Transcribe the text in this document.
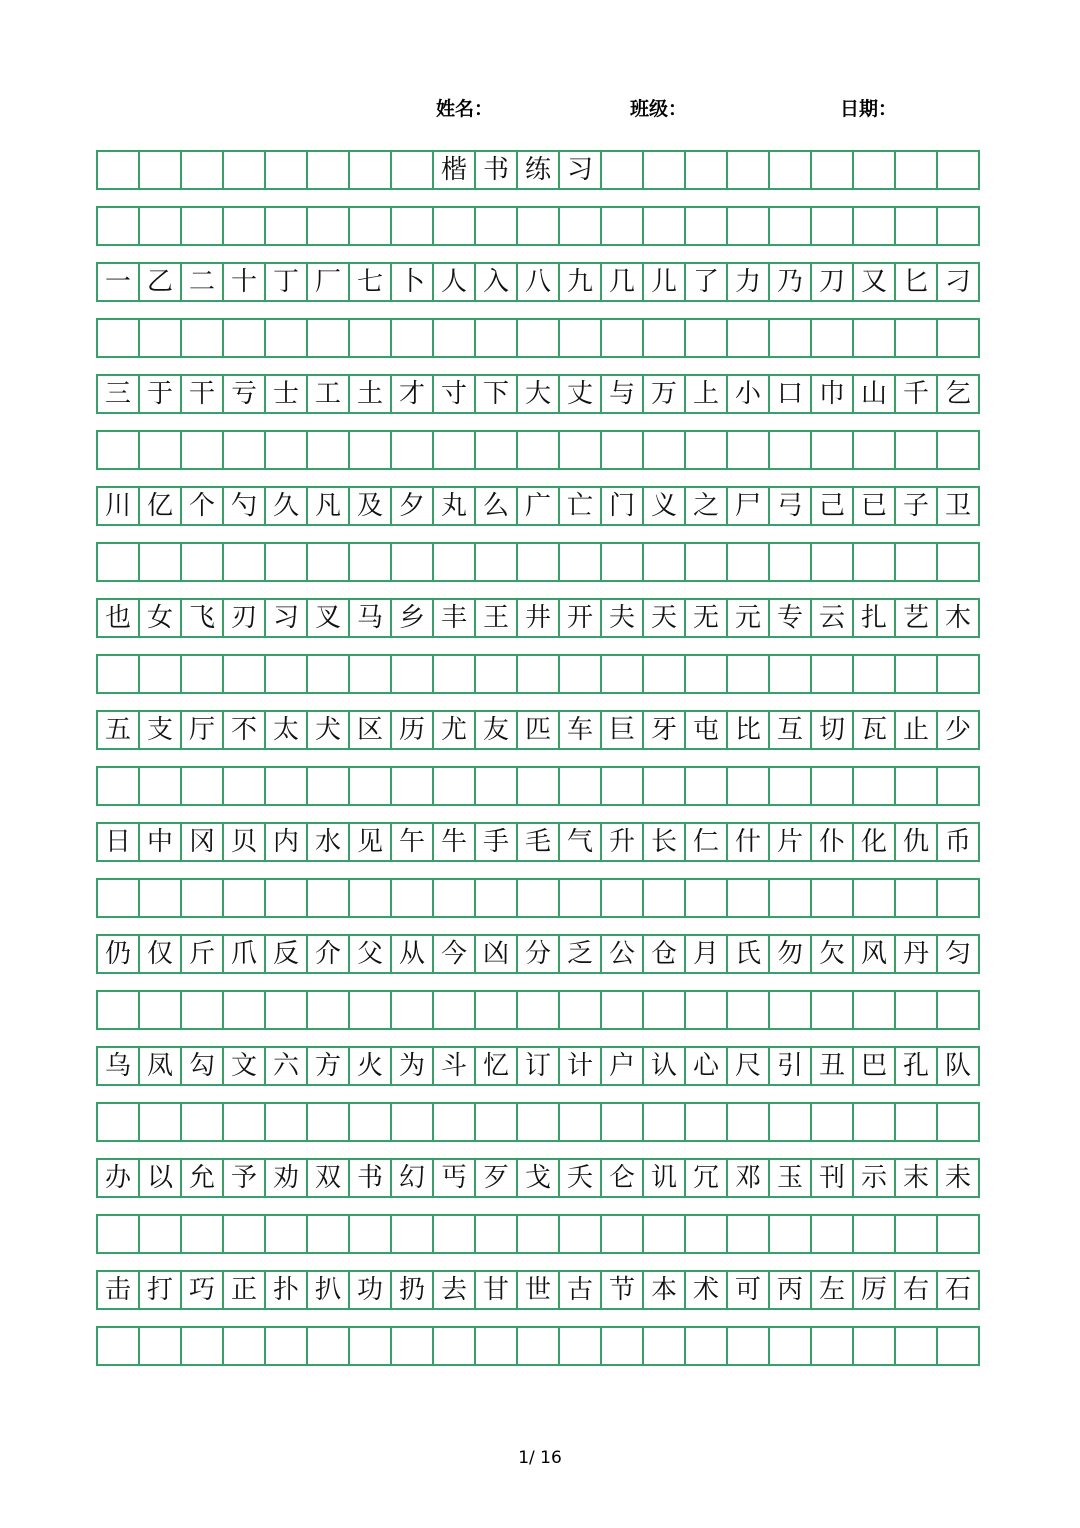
姓名：	班级：	日期：
楷 书 练 习
一 乙 二 十 丁 厂 七 卜 人 入 八 九 几 儿 了 力 乃 刀 又 匕 刁
三 于 干 亏 士 工 土 才 寸 下 大 丈 与 万 上 小 口 巾 山 千 乞
川 亿 个 勺 久 凡 及 夕 丸 么 广 亡 门 义 之 尸 弓 己 已 子 卫
也 女 飞 刃 习 叉 马 乡 丰 王 井 开 夫 天 无 元 专 云 扎 艺 木
五 支 厅 不 太 犬 区 历 尤 友 匹 车 巨 牙 屯 比 互 切 瓦 止 少
日 中 冈 贝 内 水 见 午 牛 手 毛 气 升 长 仁 什 片 仆 化 仇 币
仍 仅 斤 爪 反 介 父 从 今 凶 分 乏 公 仓 月 氏 勿 欠 风 丹 匀
乌 凤 勾 文 六 方 火 为 斗 忆 订 计 户 认 心 尺 引 丑 巴 孔 队
办 以 允 予 劝 双 书 幻 丐 歹 戈 夭 仑 讥 冗 邓 玉 刊 示 末 未
击 打 巧 正 扑 扒 功 扔 去 甘 世 古 节 本 术 可 丙 左 厉 右 石
1/ 16
